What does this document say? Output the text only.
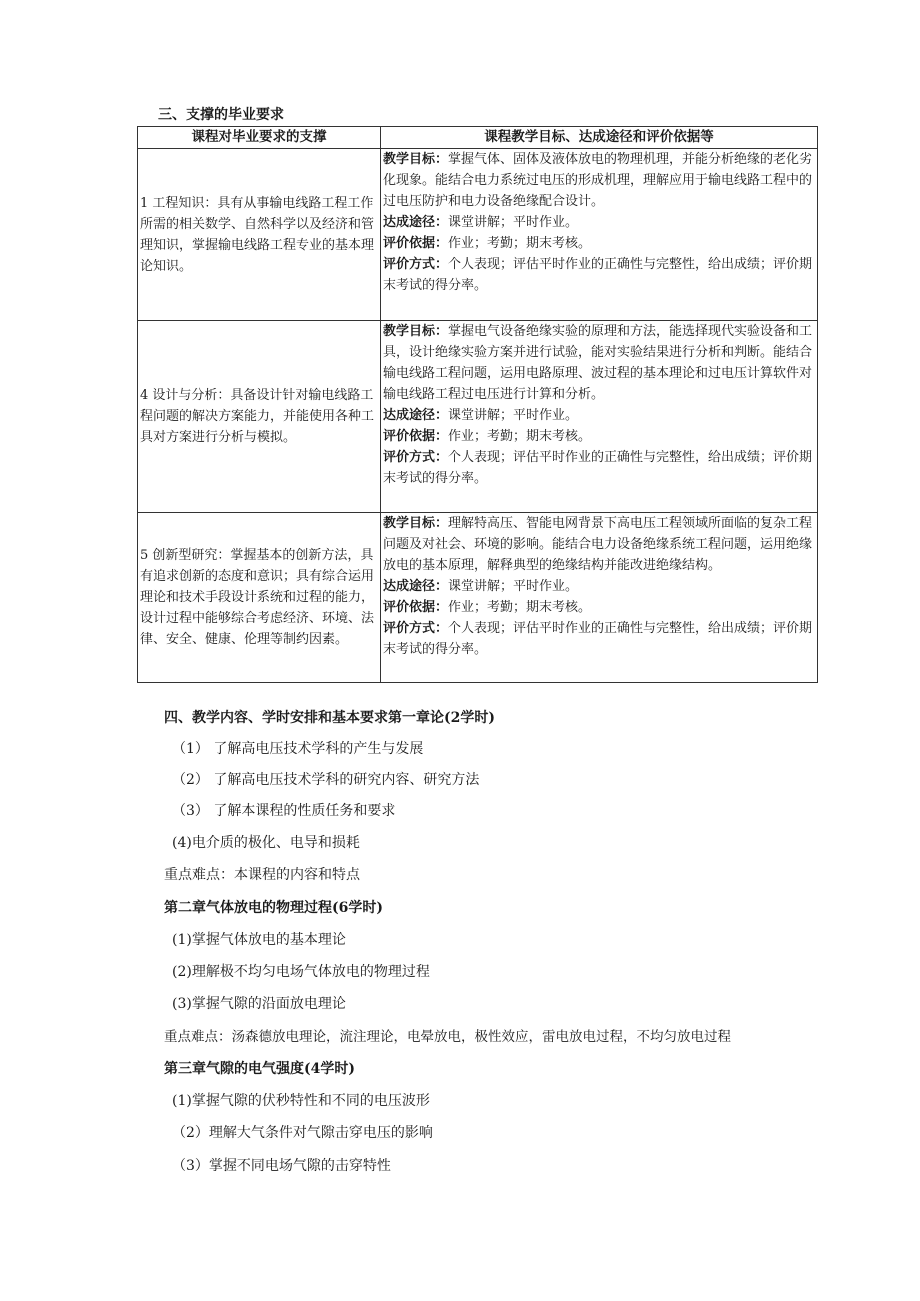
三、支撑的毕业要求
课程对毕业要求的支撑	课程教学目标、达成途径和评价依据等
1 工程知识：具有从事输电线路工程工作所需的相关数学、自然科学以及经济和管理知识，掌握输电线路工程专业的基本理论知识。	教学目标：掌握气体、固体及液体放电的物理机理，并能分析绝缘的老化劣化现象。能结合电力系统过电压的形成机理，理解应用于输电线路工程中的过电压防护和电力设备绝缘配合设计。
达成途径：课堂讲解；平时作业。
评价依据：作业；考勤；期末考核。
评价方式：个人表现；评估平时作业的正确性与完整性，给出成绩；评价期末考试的得分率。
4 设计与分析：具备设计针对输电线路工程问题的解决方案能力，并能使用各种工具对方案进行分析与模拟。	教学目标：掌握电气设备绝缘实验的原理和方法，能选择现代实验设备和工具，设计绝缘实验方案并进行试验，能对实验结果进行分析和判断。能结合输电线路工程问题，运用电路原理、波过程的基本理论和过电压计算软件对输电线路工程过电压进行计算和分析。
达成途径：课堂讲解；平时作业。
评价依据：作业；考勤；期末考核。
评价方式：个人表现；评估平时作业的正确性与完整性，给出成绩；评价期末考试的得分率。
5 创新型研究：掌握基本的创新方法，具有追求创新的态度和意识；具有综合运用理论和技术手段设计系统和过程的能力，设计过程中能够综合考虑经济、环境、法律、安全、健康、伦理等制约因素。	教学目标：理解特高压、智能电网背景下高电压工程领域所面临的复杂工程问题及对社会、环境的影响。能结合电力设备绝缘系统工程问题，运用绝缘放电的基本原理，解释典型的绝缘结构并能改进绝缘结构。
达成途径：课堂讲解；平时作业。
评价依据：作业；考勤；期末考核。
评价方式：个人表现；评估平时作业的正确性与完整性，给出成绩；评价期末考试的得分率。
四、教学内容、学时安排和基本要求第一章论(2学时)
（1） 了解高电压技术学科的产生与发展
（2） 了解高电压技术学科的研究内容、研究方法
（3） 了解本课程的性质任务和要求
(4)电介质的极化、电导和损耗
重点难点：本课程的内容和特点
第二章气体放电的物理过程(6学时)
(1)掌握气体放电的基本理论
(2)理解极不均匀电场气体放电的物理过程
(3)掌握气隙的沿面放电理论
重点难点：汤森德放电理论，流注理论，电晕放电，极性效应，雷电放电过程，不均匀放电过程
第三章气隙的电气强度(4学时)
(1)掌握气隙的伏秒特性和不同的电压波形
（2）理解大气条件对气隙击穿电压的影响
（3）掌握不同电场气隙的击穿特性
